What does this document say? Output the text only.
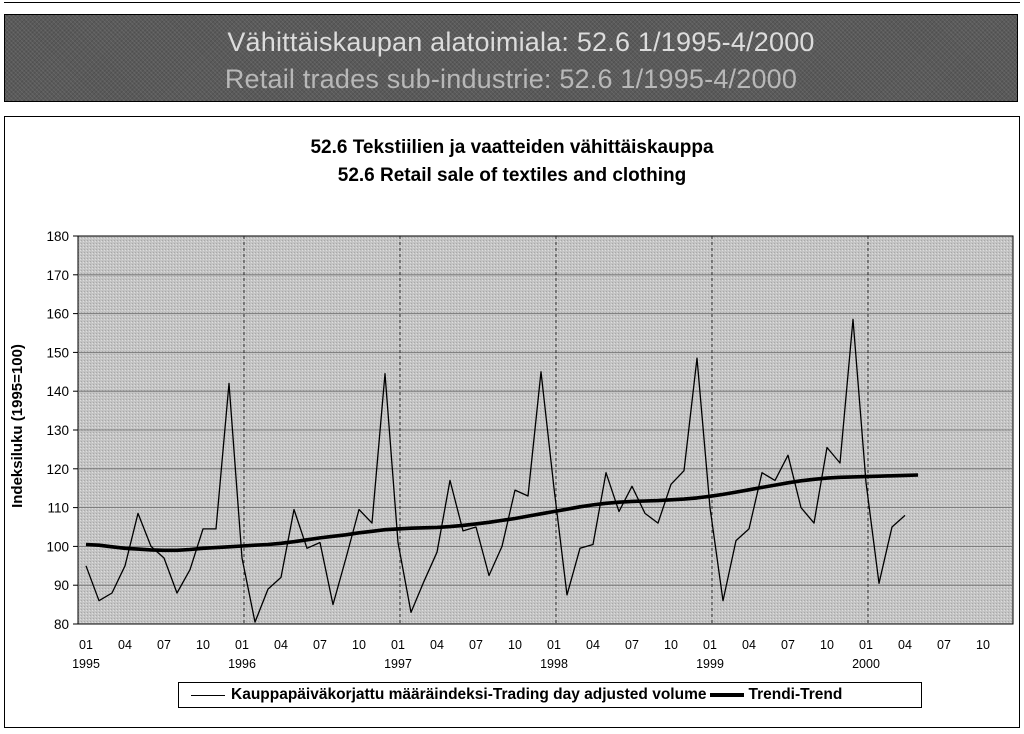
Vähittäiskaupan alatoimiala: 52.6 1/1995-4/2000
Retail trades sub-industrie: 52.6 1/1995-4/2000
52.6 Tekstiilien ja vaatteiden vähittäiskauppa
52.6 Retail sale of textiles and clothing
80
90
100
110
120
130
140
150
160
170
180
01 04 07 10 01 04 07 10 01 04 07 10 01 04 07 10 01 04 07 10 01 04 07 10
1995	1996	1997	1998	1999	2000
Indeksiluku (1995=100)
Kauppapäiväkorjattu määräindeksi-Trading day adjusted volume	Trendi-Trend
